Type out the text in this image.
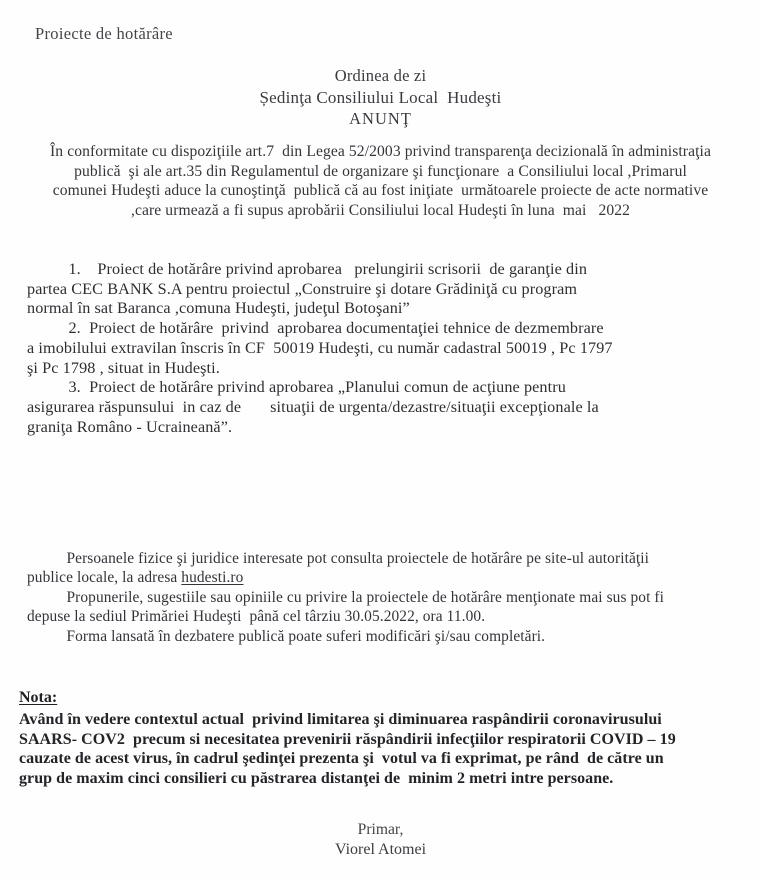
Proiecte de hotărâre
Ordinea de zi
Ședinţa Consiliului Local  Hudeşti
ANUNŢ
În conformitate cu dispoziţiile art.7  din Legea 52/2003 privind transparenţa decizională în administraţia
publică  şi ale art.35 din Regulamentul de organizare şi funcţionare  a Consiliului local ,Primarul
comunei Hudeşti aduce la cunoştinţă  publică că au fost iniţiate  următoarele proiecte de acte normative
,care urmează a fi supus aprobării Consiliului local Hudeşti în luna  mai   2022
1.    Proiect de hotărâre privind aprobarea   prelungirii scrisorii  de garanţie din
partea CEC BANK S.A pentru proiectul „Construire şi dotare Grădiniţă cu program
normal în sat Baranca ,comuna Hudeşti, judeţul Botoşani”
2.  Proiect de hotărâre  privind  aprobarea documentaţiei tehnice de dezmembrare
a imobilului extravilan înscris în CF  50019 Hudeşti, cu număr cadastral 50019 , Pc 1797
şi Pc 1798 , situat in Hudeşti.
3.  Proiect de hotărâre privind aprobarea „Planului comun de acţiune pentru
asigurarea răspunsului  in caz de       situaţii de urgenta/dezastre/situaţii excepţionale la
graniţa Românо - Ucraineană”.
Persoanele fizice şi juridice interesate pot consulta proiectele de hotărâre pe site-ul autorităţii
publice locale, la adresa hudesti.ro
Propunerile, sugestiile sau opiniile cu privire la proiectele de hotărâre menţionate mai sus pot fi
depuse la sediul Primăriei Hudeşti  până cel târziu 30.05.2022, ora 11.00.
Forma lansată în dezbatere publică poate suferi modificări şi/sau completări.
Nota:
Având în vedere contextul actual  privind limitarea şi diminuarea raspândirii coronavirusului
SAARS- COV2  precum si necesitatea prevenirii răspândirii infecţiilor respiratorii COVID – 19
cauzate de acest virus, în cadrul şedinţei prezenta şi  votul va fi exprimat, pe rând  de către un
grup de maxim cinci consilieri cu păstrarea distanţei de  minim 2 metri intre persoane.
Primar,
Viorel Atomei
